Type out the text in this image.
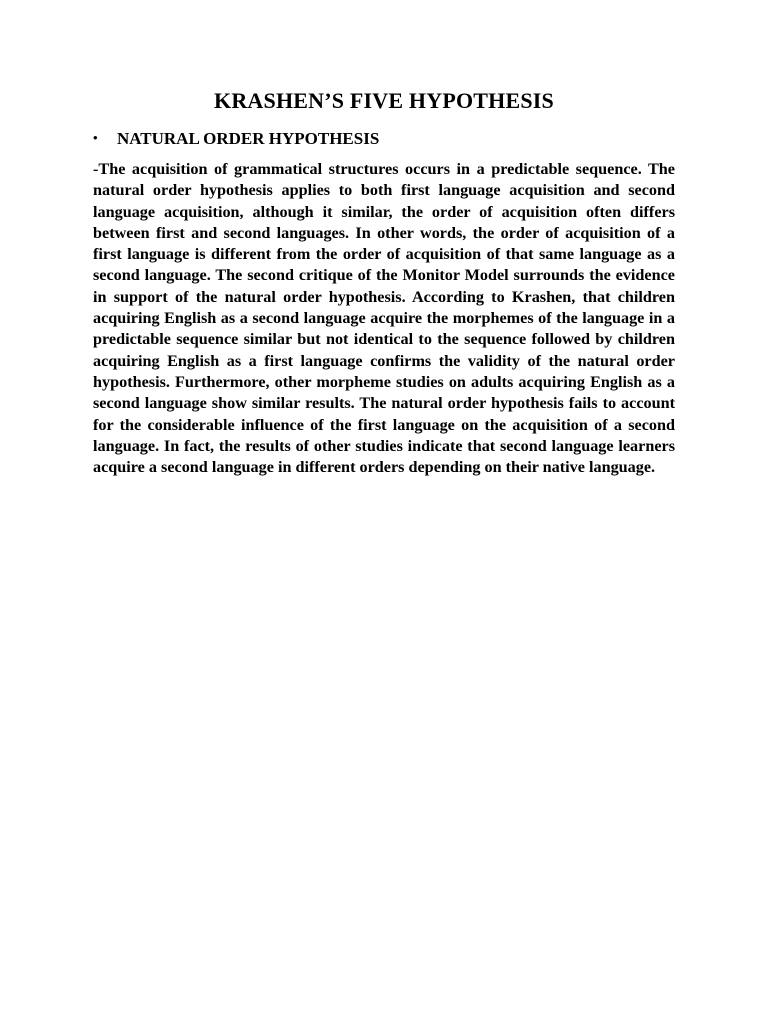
KRASHEN’S FIVE HYPOTHESIS
• NATURAL ORDER HYPOTHESIS

-The acquisition of grammatical structures occurs in a predictable sequence. The natural order hypothesis applies to both first language acquisition and second language acquisition, although it similar, the order of acquisition often differs between first and second languages. In other words, the order of acquisition of a first language is different from the order of acquisition of that same language as a second language. The second critique of the Monitor Model surrounds the evidence in support of the natural order hypothesis. According to Krashen, that children acquiring English as a second language acquire the morphemes of the language in a predictable sequence similar but not identical to the sequence followed by children acquiring English as a first language confirms the validity of the natural order hypothesis. Furthermore, other morpheme studies on adults acquiring English as a second language show similar results. The natural order hypothesis fails to account for the considerable influence of the first language on the acquisition of a second language. In fact, the results of other studies indicate that second language learners acquire a second language in different orders depending on their native language.
